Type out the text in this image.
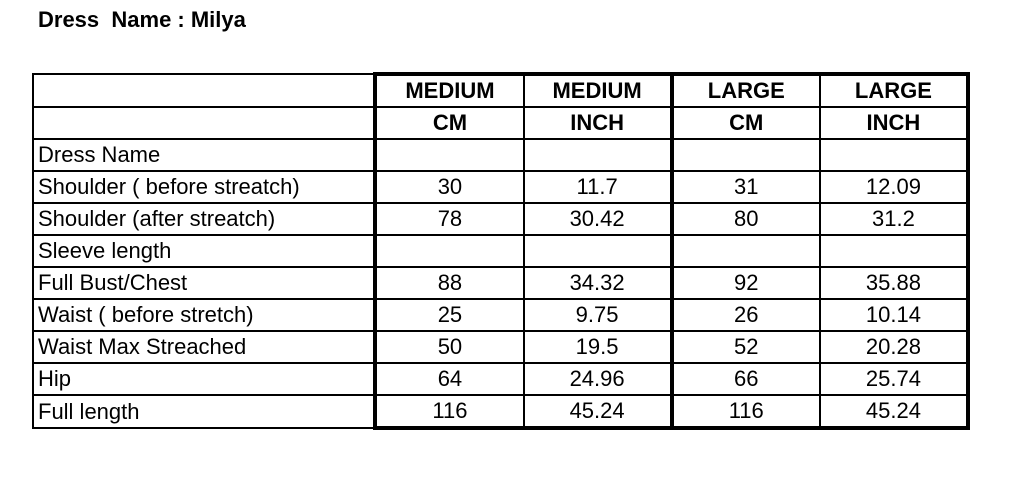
Dress  Name : Milya
	MEDIUM	MEDIUM	LARGE	LARGE
	CM	INCH	CM	INCH
Dress Name				
Shoulder ( before streatch)	30	11.7	31	12.09
Shoulder (after streatch)	78	30.42	80	31.2
Sleeve length				
Full Bust/Chest	88	34.32	92	35.88
Waist ( before stretch)	25	9.75	26	10.14
Waist Max Streached	50	19.5	52	20.28
Hip	64	24.96	66	25.74
Full length	116	45.24	116	45.24
